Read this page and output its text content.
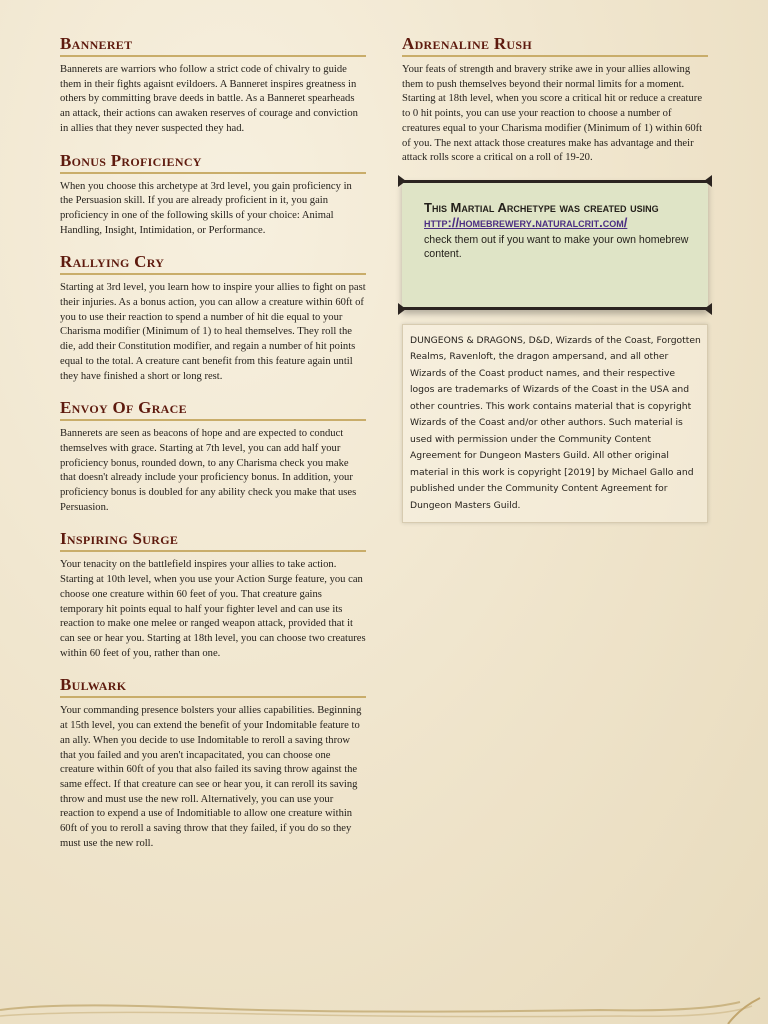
Banneret

Bannerets are warriors who follow a strict code of chivalry to guide them in their fights agaisnt evildoers. A Banneret inspires greatness in others by committing brave deeds in battle. As a Banneret spearheads an attack, their actions can awaken reserves of courage and conviction in allies that they never suspected they had.

Bonus Proficiency

When you choose this archetype at 3rd level, you gain proficiency in the Persuasion skill. If you are already proficient in it, you gain proficiency in one of the following skills of your choice: Animal Handling, Insight, Intimidation, or Performance.

Rallying Cry

Starting at 3rd level, you learn how to inspire your allies to fight on past their injuries. As a bonus action, you can allow a creature within 60ft of you to use their reaction to spend a number of hit die equal to your Charisma modifier (Minimum of 1) to heal themselves. They roll the die, add their Constitution modifier, and regain a number of hit points equal to the total. A creature cant benefit from this feature again until they have finished a short or long rest.

Envoy Of Grace

Bannerets are seen as beacons of hope and are expected to conduct themselves with grace. Starting at 7th level, you can add half your proficiency bonus, rounded down, to any Charisma check you make that doesn't already include your proficiency bonus. In addition, your proficiency bonus is doubled for any ability check you make that uses Persuasion.

Inspiring Surge

Your tenacity on the battlefield inspires your allies to take action. Starting at 10th level, when you use your Action Surge feature, you can choose one creature within 60 feet of you. That creature gains temporary hit points equal to half your fighter level and can use its reaction to make one melee or ranged weapon attack, provided that it can see or hear you. Starting at 18th level, you can choose two creatures within 60 feet of you, rather than one.

Bulwark

Your commanding presence bolsters your allies capabilities. Beginning at 15th level, you can extend the benefit of your Indomitable feature to an ally. When you decide to use Indomitable to reroll a saving throw that you failed and you aren't incapacitated, you can choose one creature within 60ft of you that also failed its saving throw against the same effect. If that creature can see or hear you, it can reroll its saving throw and must use the new roll. Alternatively, you can use your reaction to expend a use of Indomitiable to allow one creature within 60ft of you to reroll a saving throw that they failed, if you do so they must use the new roll.

Adrenaline Rush

Your feats of strength and bravery strike awe in your allies allowing them to push themselves beyond their normal limits for a moment. Starting at 18th level, when you score a critical hit or reduce a creature to 0 hit points, you can use your reaction to choose a number of creatures equal to your Charisma modifier (Minimum of 1) within 60ft of you. The next attack those creatures make has advantage and their attack rolls score a critical on a roll of 19-20.

This Martial Archetype was created using

http://homebrewery.naturalcrit.com/

check them out if you want to make your own homebrew content.

DUNGEONS & DRAGONS, D&D, Wizards of the Coast, Forgotten Realms, Ravenloft, the dragon ampersand, and all other Wizards of the Coast product names, and their respective logos are trademarks of Wizards of the Coast in the USA and other countries. This work contains material that is copyright Wizards of the Coast and/or other authors. Such material is used with permission under the Community Content Agreement for Dungeon Masters Guild. All other original material in this work is copyright [2019] by Michael Gallo and published under the Community Content Agreement for Dungeon Masters Guild.
